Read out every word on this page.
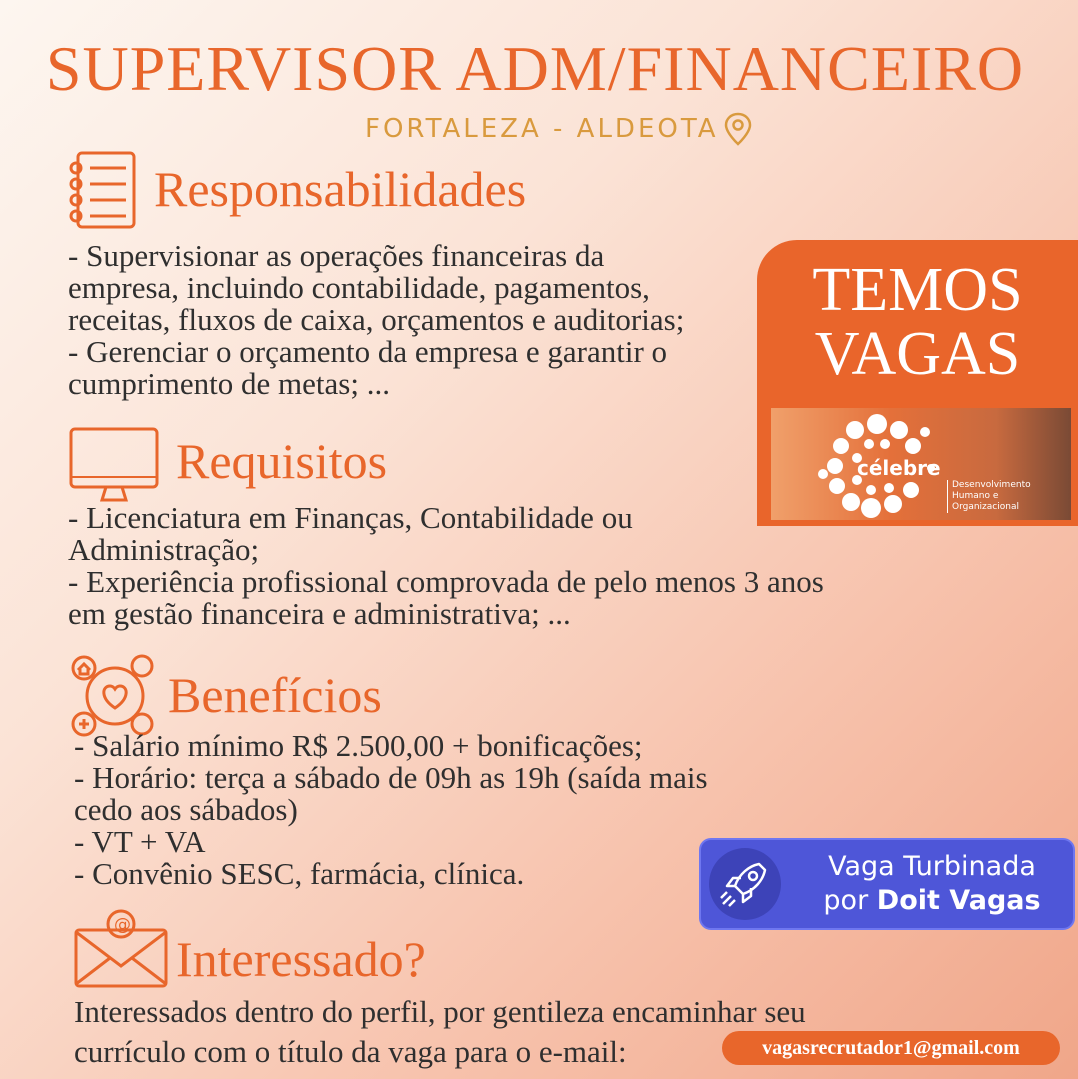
SUPERVISOR ADM/FINANCEIRO
FORTALEZA - ALDEOTA
Responsabilidades
- Supervisionar as operações financeiras da
empresa, incluindo contabilidade, pagamentos,
receitas, fluxos de caixa, orçamentos e auditorias;
- Gerenciar o orçamento da empresa e garantir o
cumprimento de metas; ...
Requisitos
- Licenciatura em Finanças, Contabilidade ou
Administração;
- Experiência profissional comprovada de pelo menos 3 anos
em gestão financeira e administrativa; ...
Benefícios
- Salário mínimo R$ 2.500,00 + bonificações;
- Horário: terça a sábado de 09h as 19h (saída mais
cedo aos sábados)
- VT + VA
- Convênio SESC, farmácia, clínica.
@
Interessado?
Interessados dentro do perfil, por gentileza encaminhar seu
currículo com o título da vaga para o e-mail:	vagasrecrutador1@gmail.com
TEMOS
VAGAS
célebre
Desenvolvimento
Humano e
Organizacional
Vaga Turbinada
por Doit Vagas
